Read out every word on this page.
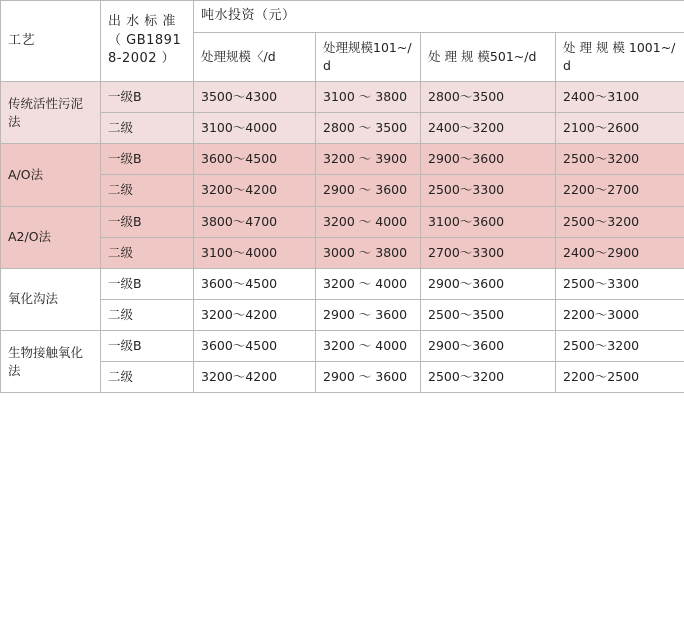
工艺	出 水 标 准（ GB18918-2002 ）	吨水投资（元）			
		处理规模〈/d	处理规模101~/d	处 理 规 模501~/d	处 理 规 模 1001~/d
传统活性污泥法	一级B	3500～4300	3100 ～ 3800	2800～3500	2400～3100
	二级	3100～4000	2800 ～ 3500	2400～3200	2100～2600
A/O法	一级B	3600～4500	3200 ～ 3900	2900～3600	2500～3200
	二级	3200～4200	2900 ～ 3600	2500～3300	2200～2700
A2/O法	一级B	3800～4700	3200 ～ 4000	3100～3600	2500～3200
	二级	3100～4000	3000 ～ 3800	2700～3300	2400～2900
氧化沟法	一级B	3600～4500	3200 ～ 4000	2900～3600	2500～3300
	二级	3200～4200	2900 ～ 3600	2500～3500	2200～3000
生物接触氧化法	一级B	3600～4500	3200 ～ 4000	2900～3600	2500～3200
	二级	3200～4200	2900 ～ 3600	2500～3200	2200～2500
